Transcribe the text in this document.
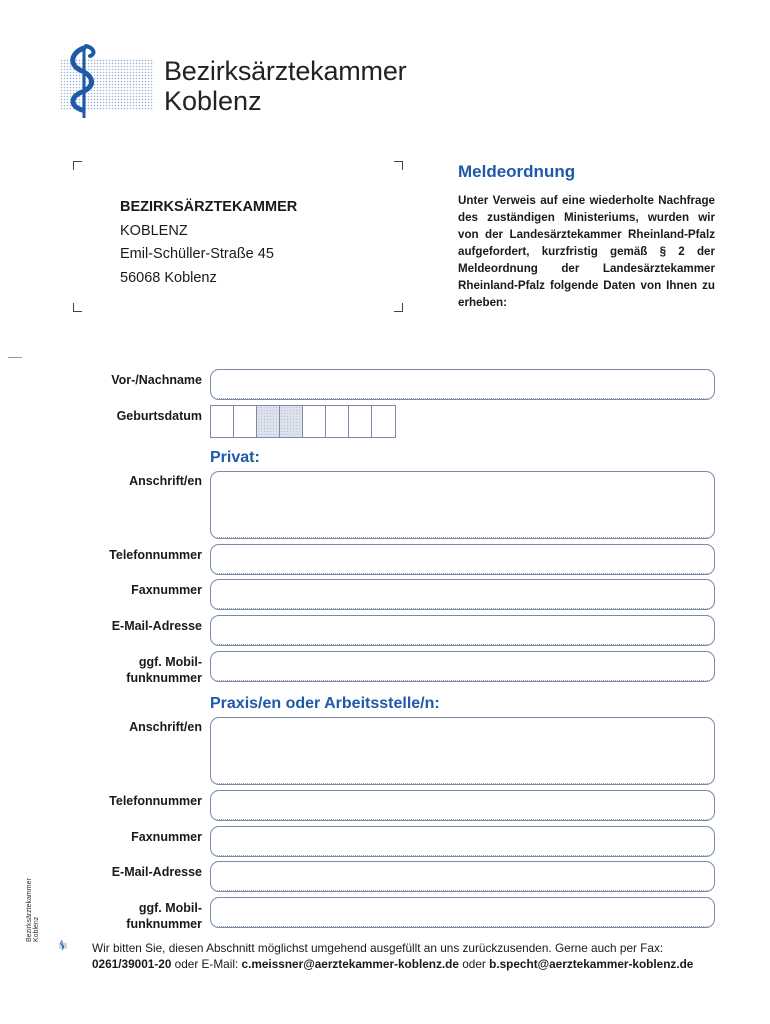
Bezirksärztekammer
Koblenz
BEZIRKSÄRZTEKAMMER
KOBLENZ
Emil-Schüller-Straße 45
56068 Koblenz
Meldeordnung
Unter Verweis auf eine wiederholte Nachfrage des zuständigen Ministeriums, wurden wir von der Landesärztekammer Rheinland-Pfalz aufgefordert, kurzfristig gemäß § 2 der Meldeordnung der Landesärztekammer Rheinland-Pfalz folgende Daten von Ihnen zu erheben:
Vor-/Nachname
Geburtsdatum
Privat:
Anschrift/en
Telefonnummer
Faxnummer
E-Mail-Adresse
ggf. Mobil-
funknummer
Praxis/en oder Arbeitsstelle/n:
Anschrift/en
Telefonnummer
Faxnummer
E-Mail-Adresse
ggf. Mobil-
funknummer
Wir bitten Sie, diesen Abschnitt möglichst umgehend ausgefüllt an uns zurückzusenden. Gerne auch per Fax:
0261/39001-20 oder E-Mail: c.meissner@aerztekammer-koblenz.de oder b.specht@aerztekammer-koblenz.de
Bezirksärztekammer Koblenz
